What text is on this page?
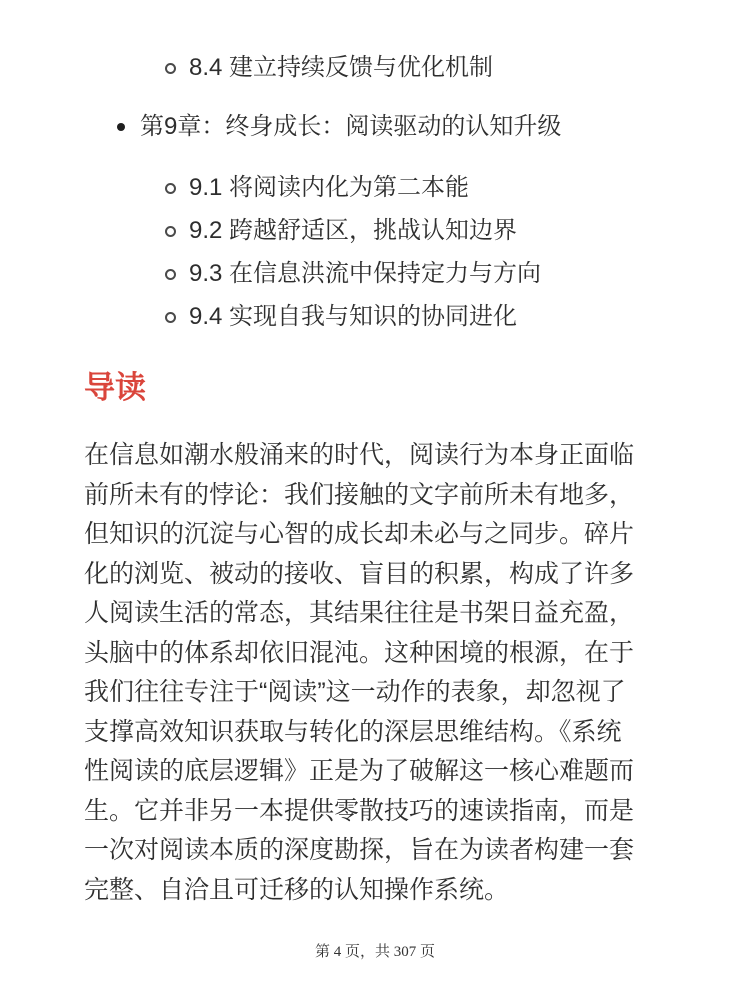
8.4 建立持续反馈与优化机制
第9章：终身成长：阅读驱动的认知升级
9.1 将阅读内化为第二本能
9.2 跨越舒适区，挑战认知边界
9.3 在信息洪流中保持定力与方向
9.4 实现自我与知识的协同进化
导读

在信息如潮水般涌来的时代，阅读行为本身正面临前所未有的悖论：我们接触的文字前所未有地多，但知识的沉淀与心智的成长却未必与之同步。碎片化的浏览、被动的接收、盲目的积累，构成了许多人阅读生活的常态，其结果往往是书架日益充盈，头脑中的体系却依旧混沌。这种困境的根源，在于我们往往专注于“阅读”这一动作的表象，却忽视了支撑高效知识获取与转化的深层思维结构。《系统性阅读的底层逻辑》正是为了破解这一核心难题而生。它并非另一本提供零散技巧的速读指南，而是一次对阅读本质的深度勘探，旨在为读者构建一套完整、自洽且可迁移的认知操作系统。

第 4 页，共 307 页
